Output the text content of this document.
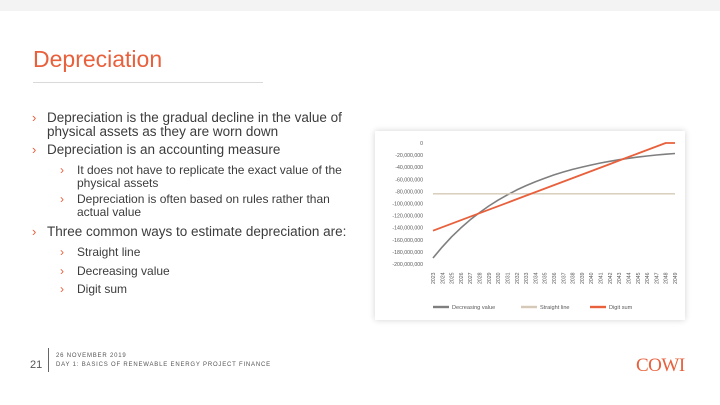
Depreciation
› Depreciation is the gradual decline in the value of physical assets as they are worn down
› Depreciation is an accounting measure
› It does not have to replicate the exact value of the physical assets
› Depreciation is often based on rules rather than actual value
› Three common ways to estimate depreciation are:
› Straight line
› Decreasing value
› Digit sum
0
-20,000,000
-40,000,000
-60,000,000
-80,000,000
-100,000,000
-120,000,000
-140,000,000
-160,000,000
-180,000,000
-200,000,000
2023 2024 2025 2026 2027 2028 2029 2030 2031 2032 2033 2034 2035 2036 2037 2038 2039 2040 2041 2042 2043 2044 2045 2046 2047 2048 2049
Decreasing value	Straight line	Digit sum
21
26 NOVEMBER 2019
DAY 1: BASICS OF RENEWABLE ENERGY PROJECT FINANCE	COWI
